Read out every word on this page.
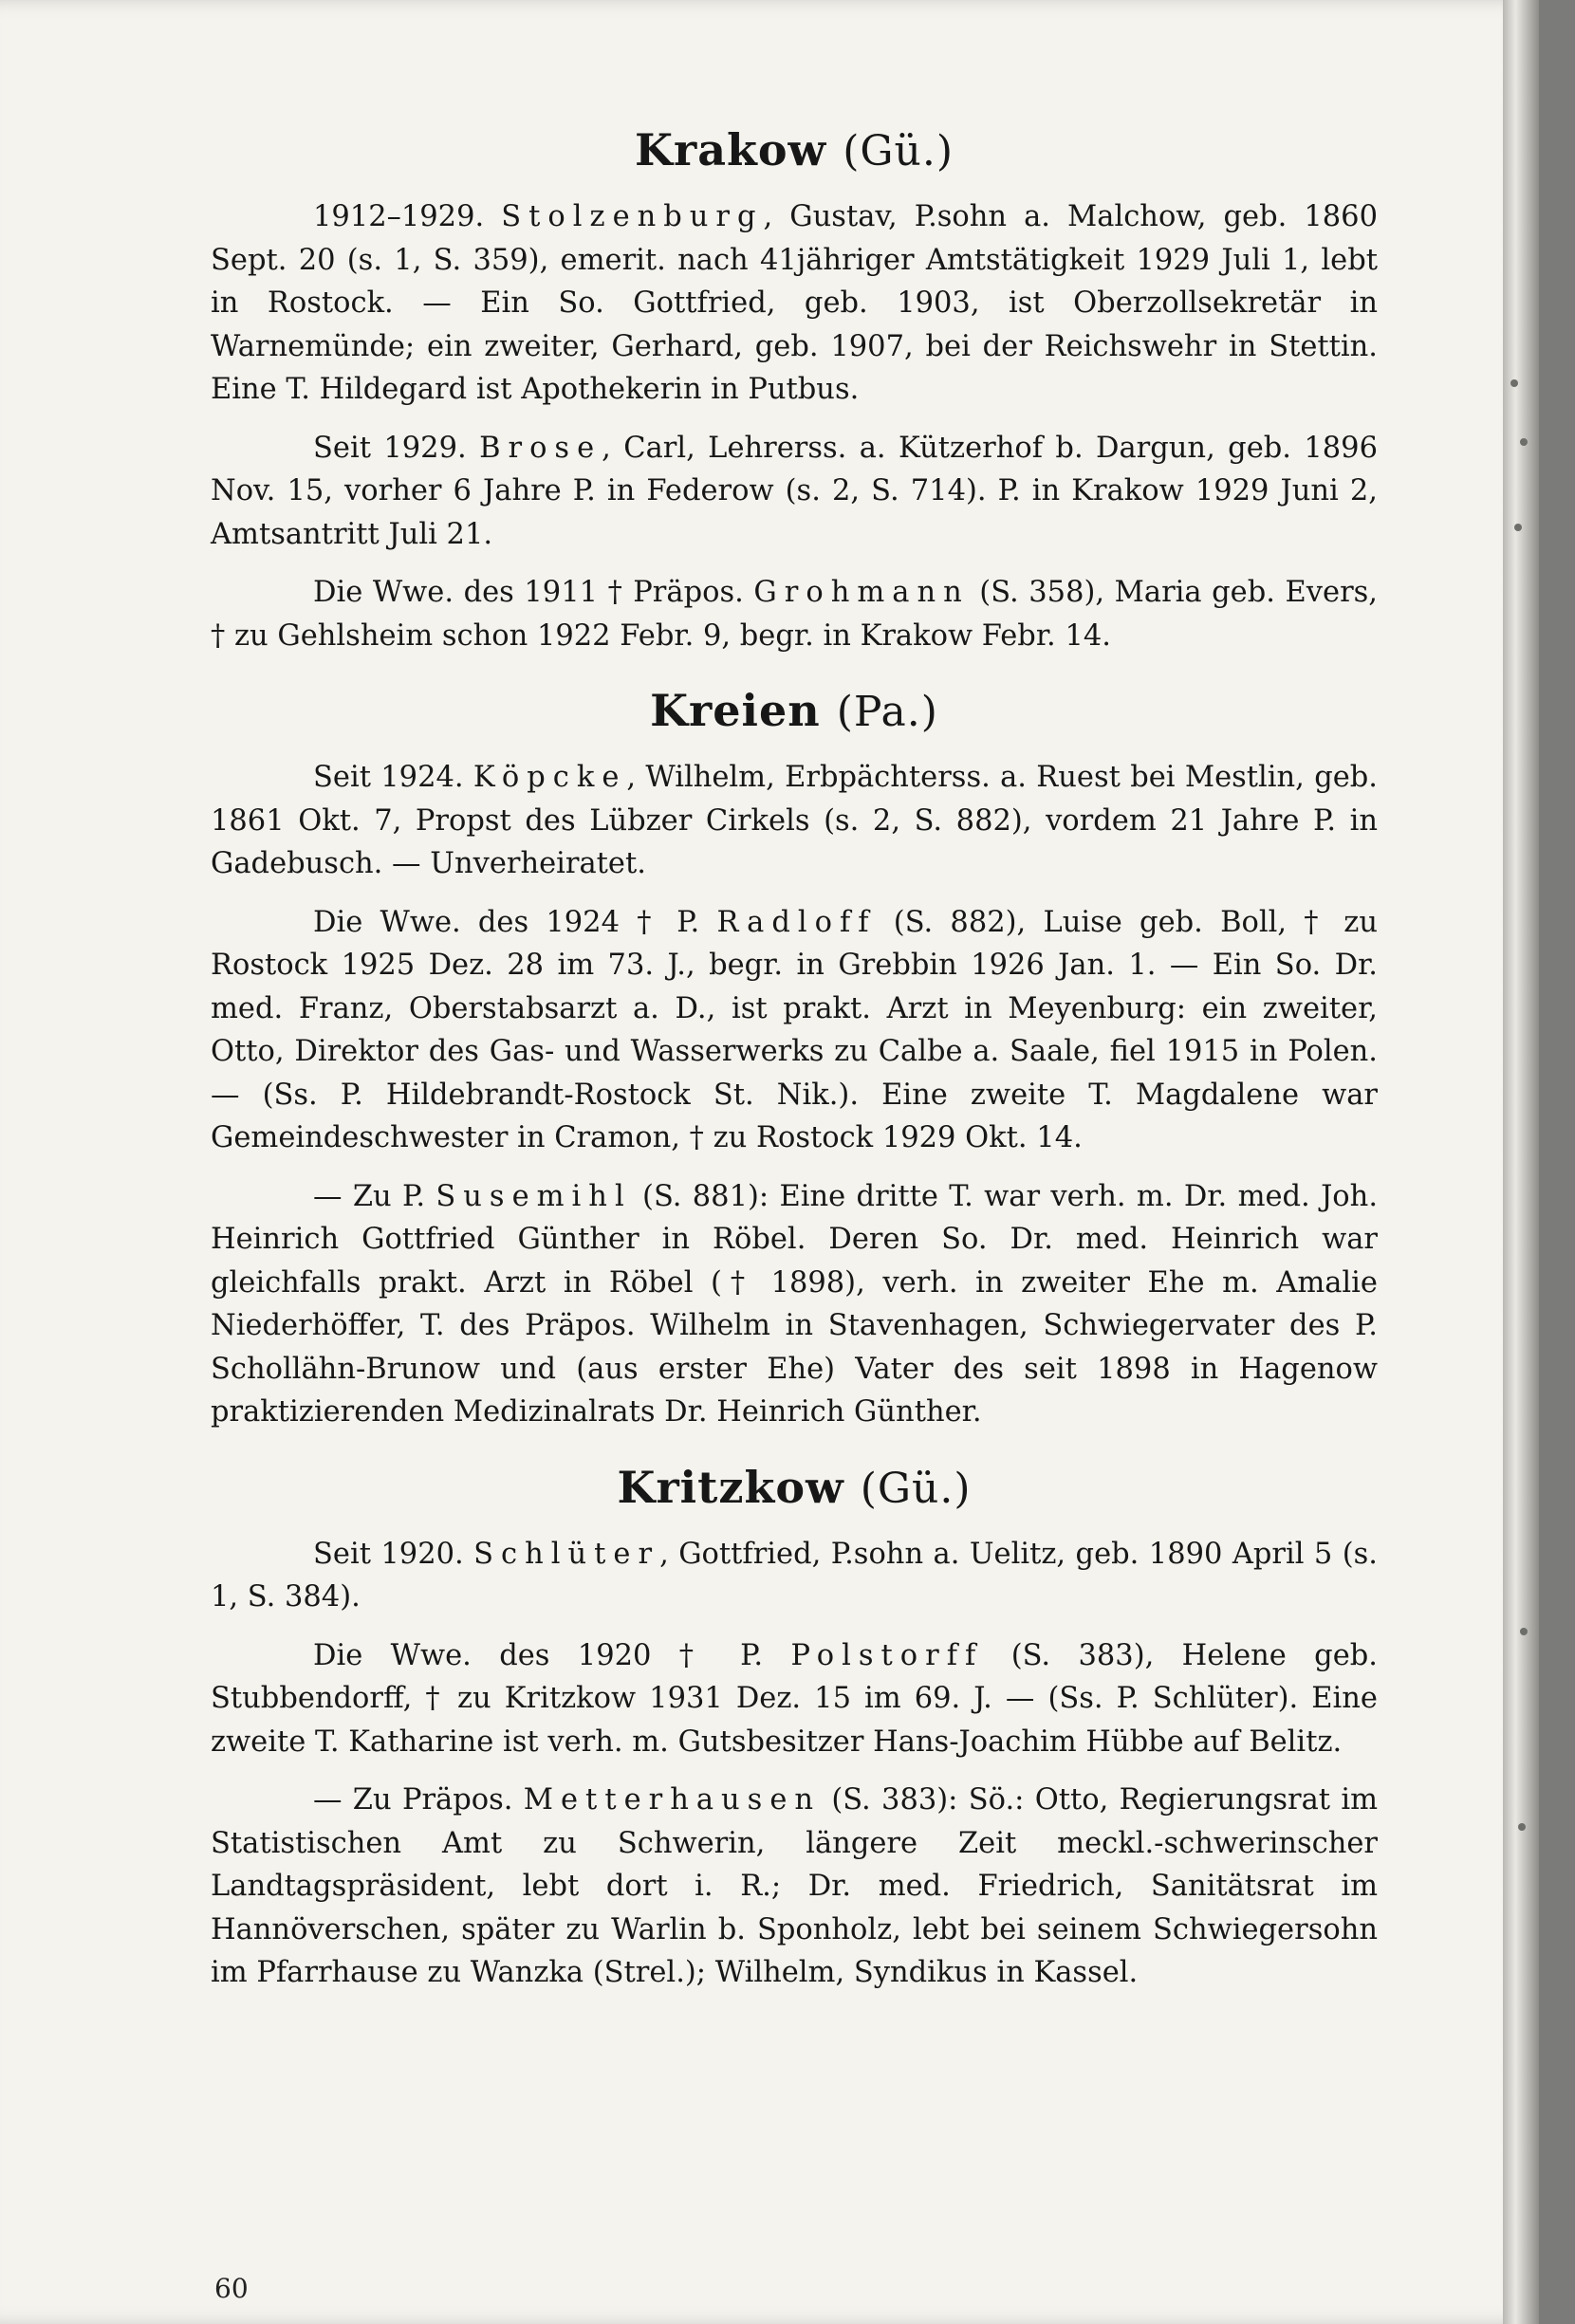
Krakow (Gü.)

1912–1929. Stolzenburg, Gustav, P.sohn a. Malchow, geb. 1860 Sept. 20 (s. 1, S. 359), emerit. nach 41jähriger Amtstätigkeit 1929 Juli 1, lebt in Rostock. — Ein So. Gottfried, geb. 1903, ist Oberzollsekretär in Warnemünde; ein zweiter, Gerhard, geb. 1907, bei der Reichswehr in Stettin. Eine T. Hildegard ist Apothekerin in Putbus.

Seit 1929. Brose, Carl, Lehrerss. a. Kützerhof b. Dargun, geb. 1896 Nov. 15, vorher 6 Jahre P. in Federow (s. 2, S. 714). P. in Krakow 1929 Juni 2, Amtsantritt Juli 21.

Die Wwe. des 1911 † Präpos. Grohmann (S. 358), Maria geb. Evers, † zu Gehlsheim schon 1922 Febr. 9, begr. in Krakow Febr. 14.

Kreien (Pa.)

Seit 1924. Köpcke, Wilhelm, Erbpächterss. a. Ruest bei Mestlin, geb. 1861 Okt. 7, Propst des Lübzer Cirkels (s. 2, S. 882), vordem 21 Jahre P. in Gadebusch. — Unverheiratet.

Die Wwe. des 1924 † P. Radloff (S. 882), Luise geb. Boll, † zu Rostock 1925 Dez. 28 im 73. J., begr. in Grebbin 1926 Jan. 1. — Ein So. Dr. med. Franz, Oberstabsarzt a. D., ist prakt. Arzt in Meyenburg: ein zweiter, Otto, Direktor des Gas- und Wasserwerks zu Calbe a. Saale, fiel 1915 in Polen. — (Ss. P. Hildebrandt-Rostock St. Nik.). Eine zweite T. Magdalene war Gemeindeschwester in Cramon, † zu Rostock 1929 Okt. 14.

— Zu P. Susemihl (S. 881): Eine dritte T. war verh. m. Dr. med. Joh. Heinrich Gottfried Günther in Röbel. Deren So. Dr. med. Heinrich war gleichfalls prakt. Arzt in Röbel († 1898), verh. in zweiter Ehe m. Amalie Niederhöffer, T. des Präpos. Wilhelm in Stavenhagen, Schwiegervater des P. Schollähn-Brunow und (aus erster Ehe) Vater des seit 1898 in Hagenow praktizierenden Medizinalrats Dr. Heinrich Günther.

Kritzkow (Gü.)

Seit 1920. Schlüter, Gottfried, P.sohn a. Uelitz, geb. 1890 April 5 (s. 1, S. 384).

Die Wwe. des 1920 † P. Polstorff (S. 383), Helene geb. Stubbendorff, † zu Kritzkow 1931 Dez. 15 im 69. J. — (Ss. P. Schlüter). Eine zweite T. Katharine ist verh. m. Gutsbesitzer Hans-Joachim Hübbe auf Belitz.

— Zu Präpos. Metterhausen (S. 383): Sö.: Otto, Regierungsrat im Statistischen Amt zu Schwerin, längere Zeit meckl.-schwerinscher Landtagspräsident, lebt dort i. R.; Dr. med. Friedrich, Sanitätsrat im Hannöverschen, später zu Warlin b. Sponholz, lebt bei seinem Schwiegersohn im Pfarrhause zu Wanzka (Strel.); Wilhelm, Syndikus in Kassel.

60
